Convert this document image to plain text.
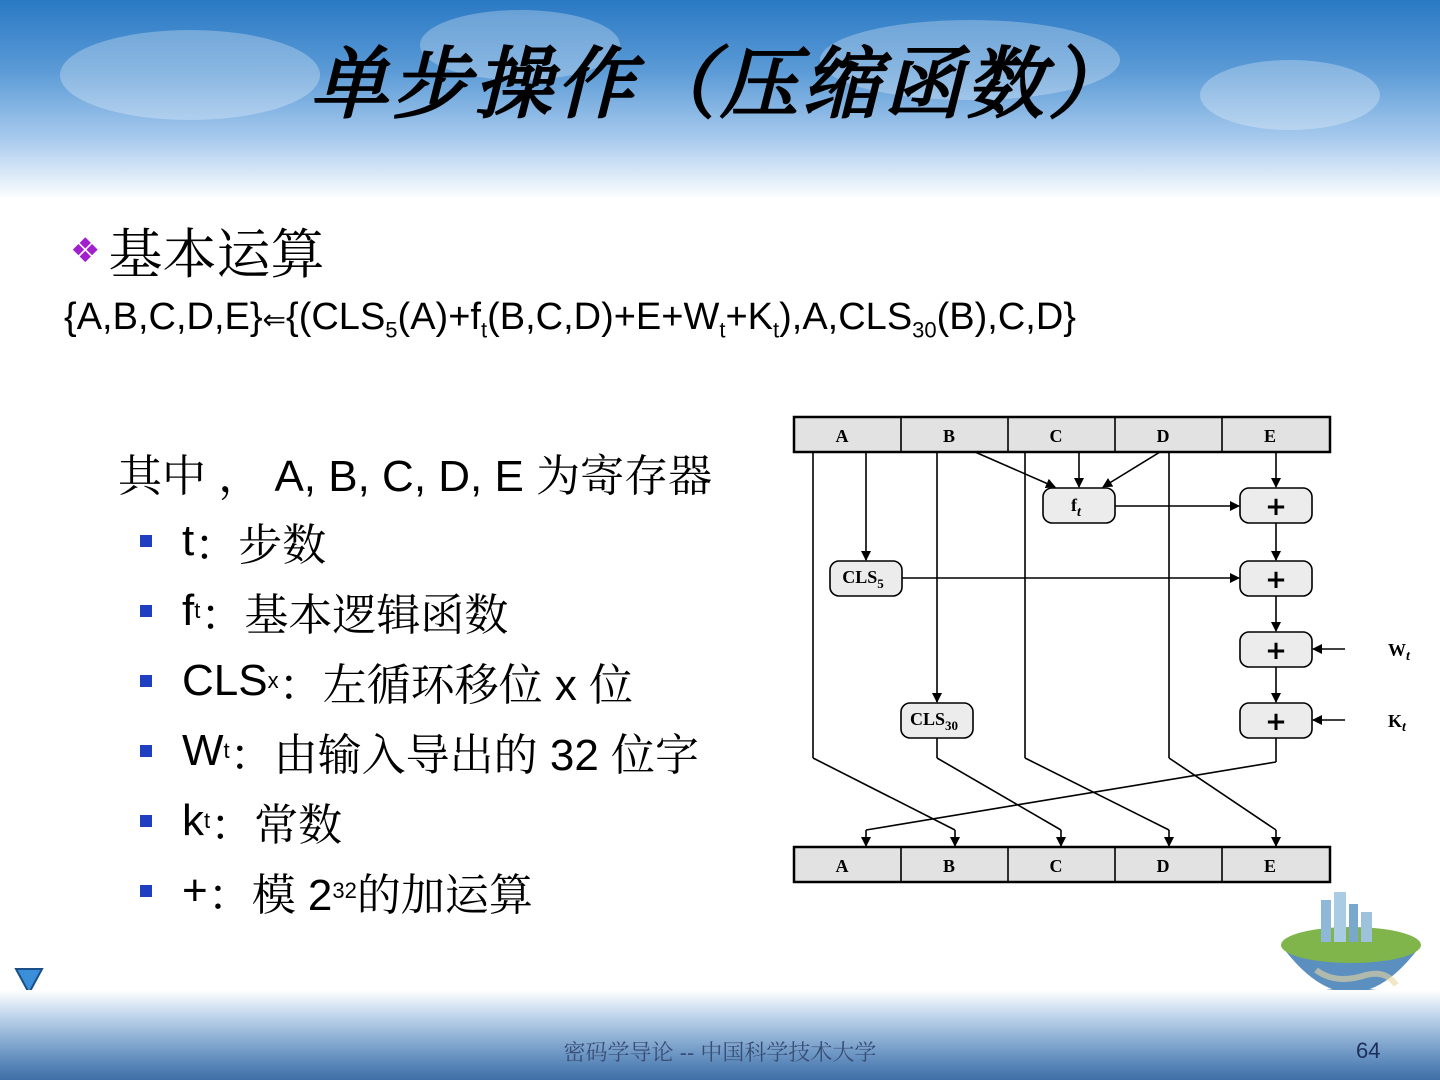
单步操作（压缩函数）
❖ 基本运算
$\{A,B,C,D,E\}⇐\{(CLS_5(A)+f_t(B,C,D)+E+W_t+K_t),A,CLS_{30}(B),C,D\}$
其中 ， A, B, C, D, E 为寄存器
t ：步数
f t ：基本逻辑函数
CLS x ：左循环移位 x 位
W t ：由输入导出的 32 位字
k t ：常数
+ ：模 2 32 的加运算
A	B	C	D	E
A	B	C	D	E
$f_t$
$CLS_5$
$CLS_{30}$
+
+
+
+
$W_t$
$K_t$
密码学导论 -- 中国科学技术大学	64
